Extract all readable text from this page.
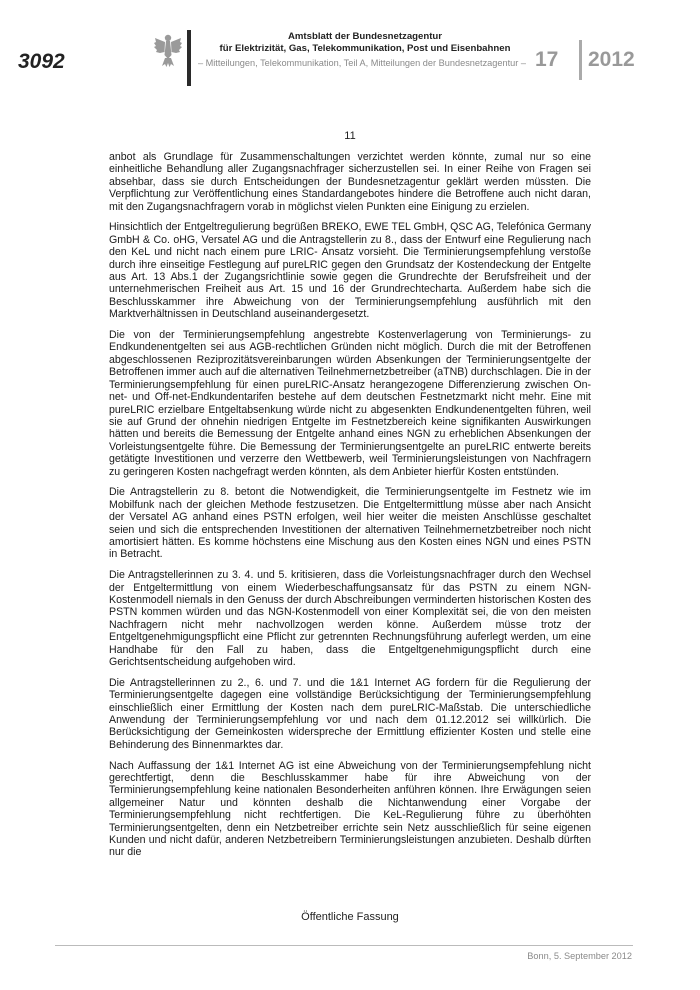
3092
Amtsblatt der Bundesnetzagentur
für Elektrizität, Gas, Telekommunikation, Post und Eisenbahnen
– Mitteilungen, Telekommunikation, Teil A, Mitteilungen der Bundesnetzagentur – 17 2012
11

anbot als Grundlage für Zusammenschaltungen verzichtet werden könnte, zumal nur so eine einheitliche Behandlung aller Zugangsnachfrager sicherzustellen sei. In einer Reihe von Fragen sei absehbar, dass sie durch Entscheidungen der Bundesnetzagentur geklärt werden müssten. Die Verpflichtung zur Veröffentlichung eines Standardangebotes hindere die Betroffene auch nicht daran, mit den Zugangsnachfragern vorab in möglichst vielen Punkten eine Einigung zu erzielen.

Hinsichtlich der Entgeltregulierung begrüßen BREKO, EWE TEL GmbH, QSC AG, Telefónica Germany GmbH & Co. oHG, Versatel AG und die Antragstellerin zu 8., dass der Entwurf eine Regulierung nach den KeL und nicht nach einem pure LRIC- Ansatz vorsieht. Die Terminierungsempfehlung verstoße durch ihre einseitige Festlegung auf pureLRIC gegen den Grundsatz der Kostendeckung der Entgelte aus Art. 13 Abs.1 der Zugangsrichtlinie sowie gegen die Grundrechte der Berufsfreiheit und der unternehmerischen Freiheit aus Art. 15 und 16 der Grundrechtecharta. Außerdem habe sich die Beschlusskammer ihre Abweichung von der Terminierungsempfehlung ausführlich mit den Marktverhältnissen in Deutschland auseinandergesetzt.

Die von der Terminierungsempfehlung angestrebte Kostenverlagerung von Terminierungs- zu Endkundenentgelten sei aus AGB-rechtlichen Gründen nicht möglich. Durch die mit der Betroffenen abgeschlossenen Reziprozitätsvereinbarungen würden Absenkungen der Terminierungsentgelte der Betroffenen immer auch auf die alternativen Teilnehmernetzbetreiber (aTNB) durchschlagen. Die in der Terminierungsempfehlung für einen pureLRIC-Ansatz herangezogene Differenzierung zwischen On-net- und Off-net-Endkundentarifen bestehe auf dem deutschen Festnetzmarkt nicht mehr. Eine mit pureLRIC erzielbare Entgeltabsenkung würde nicht zu abgesenkten Endkundenentgelten führen, weil sie auf Grund der ohnehin niedrigen Entgelte im Festnetzbereich keine signifikanten Auswirkungen hätten und bereits die Bemessung der Entgelte anhand eines NGN zu erheblichen Absenkungen der Vorleistungsentgelte führe. Die Bemessung der Terminierungsentgelte an pureLRIC entwerte bereits getätigte Investitionen und verzerre den Wettbewerb, weil Terminierungsleistungen von Nachfragern zu geringeren Kosten nachgefragt werden könnten, als dem Anbieter hierfür Kosten entstünden.

Die Antragstellerin zu 8. betont die Notwendigkeit, die Terminierungsentgelte im Festnetz wie im Mobilfunk nach der gleichen Methode festzusetzen. Die Entgeltermittlung müsse aber nach Ansicht der Versatel AG anhand eines PSTN erfolgen, weil hier weiter die meisten Anschlüsse geschaltet seien und sich die entsprechenden Investitionen der alternativen Teilnehmernetzbetreiber noch nicht amortisiert hätten. Es komme höchstens eine Mischung aus den Kosten eines NGN und eines PSTN in Betracht.

Die Antragstellerinnen zu 3. 4. und 5. kritisieren, dass die Vorleistungsnachfrager durch den Wechsel der Entgeltermittlung von einem Wiederbeschaffungsansatz für das PSTN zu einem NGN-Kostenmodell niemals in den Genuss der durch Abschreibungen verminderten historischen Kosten des PSTN kommen würden und das NGN-Kostenmodell von einer Komplexität sei, die von den meisten Nachfragern nicht mehr nachvollzogen werden könne. Außerdem müsse trotz der Entgeltgenehmigungspflicht eine Pflicht zur getrennten Rechnungsführung auferlegt werden, um eine Handhabe für den Fall zu haben, dass die Entgeltgenehmigungspflicht durch eine Gerichtsentscheidung aufgehoben wird.

Die Antragstellerinnen zu 2., 6. und 7. und die 1&1 Internet AG fordern für die Regulierung der Terminierungsentgelte dagegen eine vollständige Berücksichtigung der Terminierungsempfehlung einschließlich einer Ermittlung der Kosten nach dem pureLRIC-Maßstab. Die unterschiedliche Anwendung der Terminierungsempfehlung vor und nach dem 01.12.2012 sei willkürlich. Die Berücksichtigung der Gemeinkosten widerspreche der Ermittlung effizienter Kosten und stelle eine Behinderung des Binnenmarktes dar.

Nach Auffassung der 1&1 Internet AG ist eine Abweichung von der Terminierungsempfehlung nicht gerechtfertigt, denn die Beschlusskammer habe für ihre Abweichung von der Terminierungsempfehlung keine nationalen Besonderheiten anführen können. Ihre Erwägungen seien allgemeiner Natur und könnten deshalb die Nichtanwendung einer Vorgabe der Terminierungsempfehlung nicht rechtfertigen. Die KeL-Regulierung führe zu überhöhten Terminierungsentgelten, denn ein Netzbetreiber errichte sein Netz ausschließlich für seine eigenen Kunden und nicht dafür, anderen Netzbetreibern Terminierungsleistungen anzubieten. Deshalb dürften nur die

Öffentliche Fassung
Bonn, 5. September 2012
